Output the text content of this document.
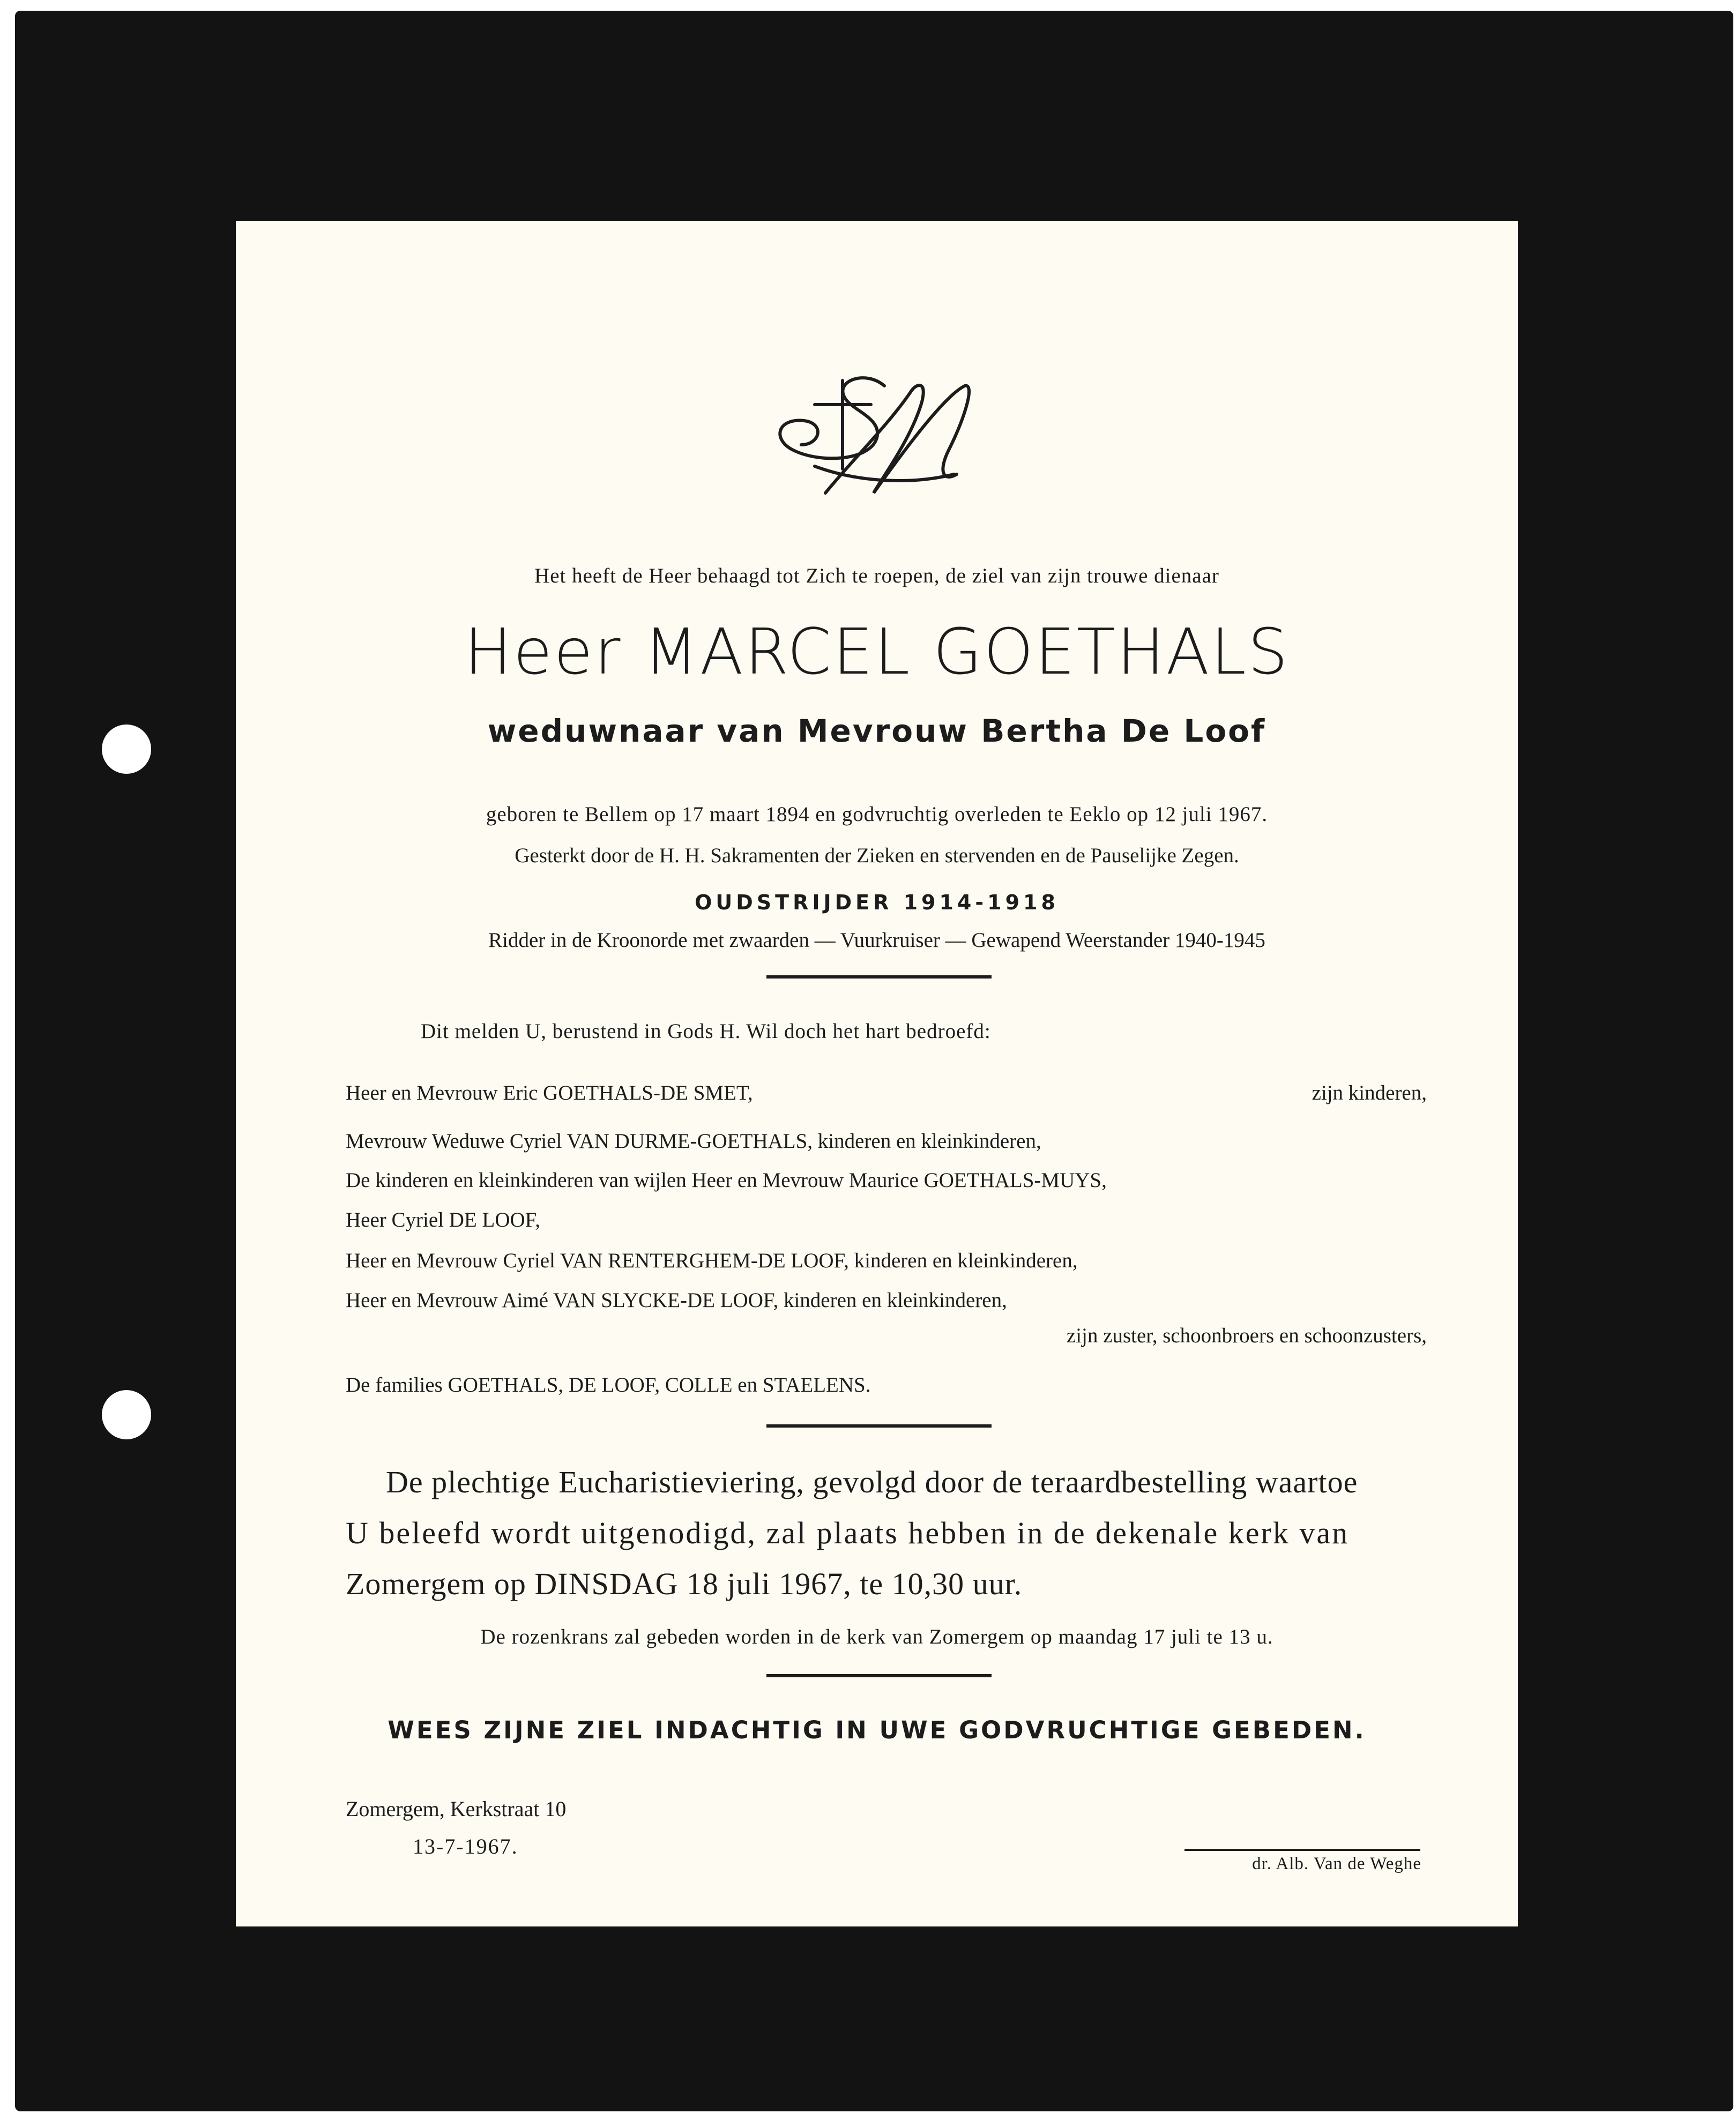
Het heeft de Heer behaagd tot Zich te roepen, de ziel van zijn trouwe dienaar
Heer MARCEL GOETHALS
weduwnaar van Mevrouw Bertha De Loof
geboren te Bellem op 17 maart 1894 en godvruchtig overleden te Eeklo op 12 juli 1967.
Gesterkt door de H. H. Sakramenten der Zieken en stervenden en de Pauselijke Zegen.
OUDSTRIJDER 1914-1918
Ridder in de Kroonorde met zwaarden — Vuurkruiser — Gewapend Weerstander 1940-1945
Dit melden U, berustend in Gods H. Wil doch het hart bedroefd:
Heer en Mevrouw Eric GOETHALS-DE SMET,	zijn kinderen,
Mevrouw Weduwe Cyriel VAN DURME-GOETHALS, kinderen en kleinkinderen,
De kinderen en kleinkinderen van wijlen Heer en Mevrouw Maurice GOETHALS-MUYS,
Heer Cyriel DE LOOF,
Heer en Mevrouw Cyriel VAN RENTERGHEM-DE LOOF, kinderen en kleinkinderen,
Heer en Mevrouw Aimé VAN SLYCKE-DE LOOF, kinderen en kleinkinderen,
zijn zuster, schoonbroers en schoonzusters,
De families GOETHALS, DE LOOF, COLLE en STAELENS.
De plechtige Eucharistieviering, gevolgd door de teraardbestelling waartoe
U beleefd wordt uitgenodigd, zal plaats hebben in de dekenale kerk van
Zomergem op DINSDAG 18 juli 1967, te 10,30 uur.
De rozenkrans zal gebeden worden in de kerk van Zomergem op maandag 17 juli te 13 u.
WEES ZIJNE ZIEL INDACHTIG IN UWE GODVRUCHTIGE GEBEDEN.
Zomergem, Kerkstraat 10
13-7-1967.
dr. Alb. Van de Weghe
